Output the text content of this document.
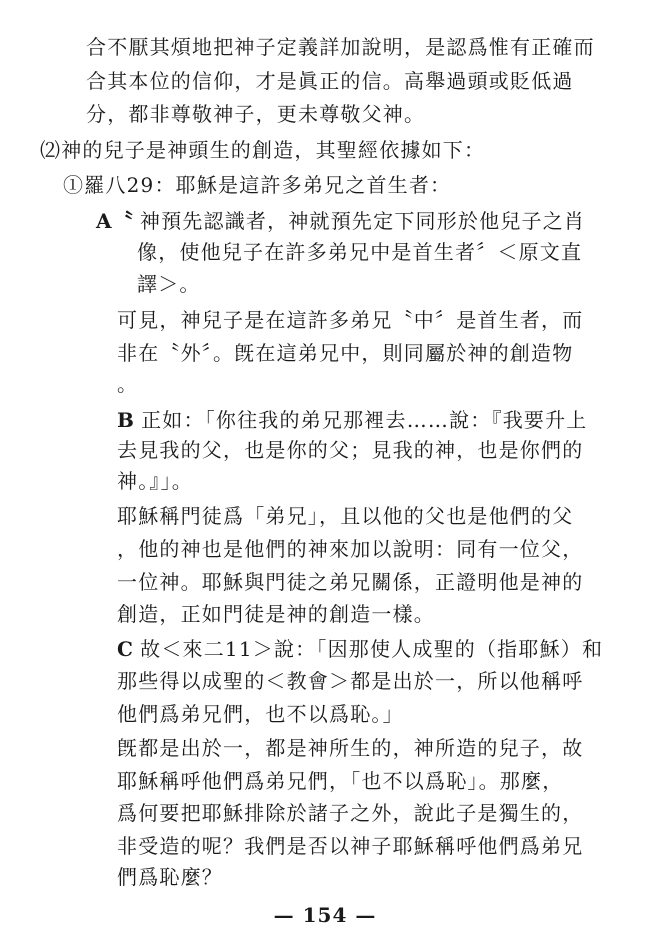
合不厭其煩地把神子定義詳加說明，是認爲惟有正確而
合其本位的信仰，才是眞正的信。高舉過頭或貶低過
分，都非尊敬神子，更未尊敬父神。
⑵神的兒子是神頭生的創造，其聖經依據如下：
①羅八29：耶穌是這許多弟兄之首生者：
A〝 神預先認識者，神就預先定下同形於他兒子之肖
像，使他兒子在許多弟兄中是首生者〞＜原文直
譯＞。
可見，神兒子是在這許多弟兄〝中〞是首生者，而
非在〝外〞。旣在這弟兄中，則同屬於神的創造物
。
B 正如：「你往我的弟兄那裡去……說：『我要升上
去見我的父，也是你的父；見我的神，也是你們的
神。』」。
耶穌稱門徒爲「弟兄」，且以他的父也是他們的父
，他的神也是他們的神來加以說明：同有一位父，
一位神。耶穌與門徒之弟兄關係，正證明他是神的
創造，正如門徒是神的創造一樣。
C 故＜來二11＞說：「因那使人成聖的（指耶穌）和
那些得以成聖的＜教會＞都是出於一，所以他稱呼
他們爲弟兄們，也不以爲恥。」
旣都是出於一，都是神所生的，神所造的兒子，故
耶穌稱呼他們爲弟兄們，「也不以爲恥」。那麼，
爲何要把耶穌排除於諸子之外，說此子是獨生的，
非受造的呢？我們是否以神子耶穌稱呼他們爲弟兄
們爲恥麼？
— 154 —
